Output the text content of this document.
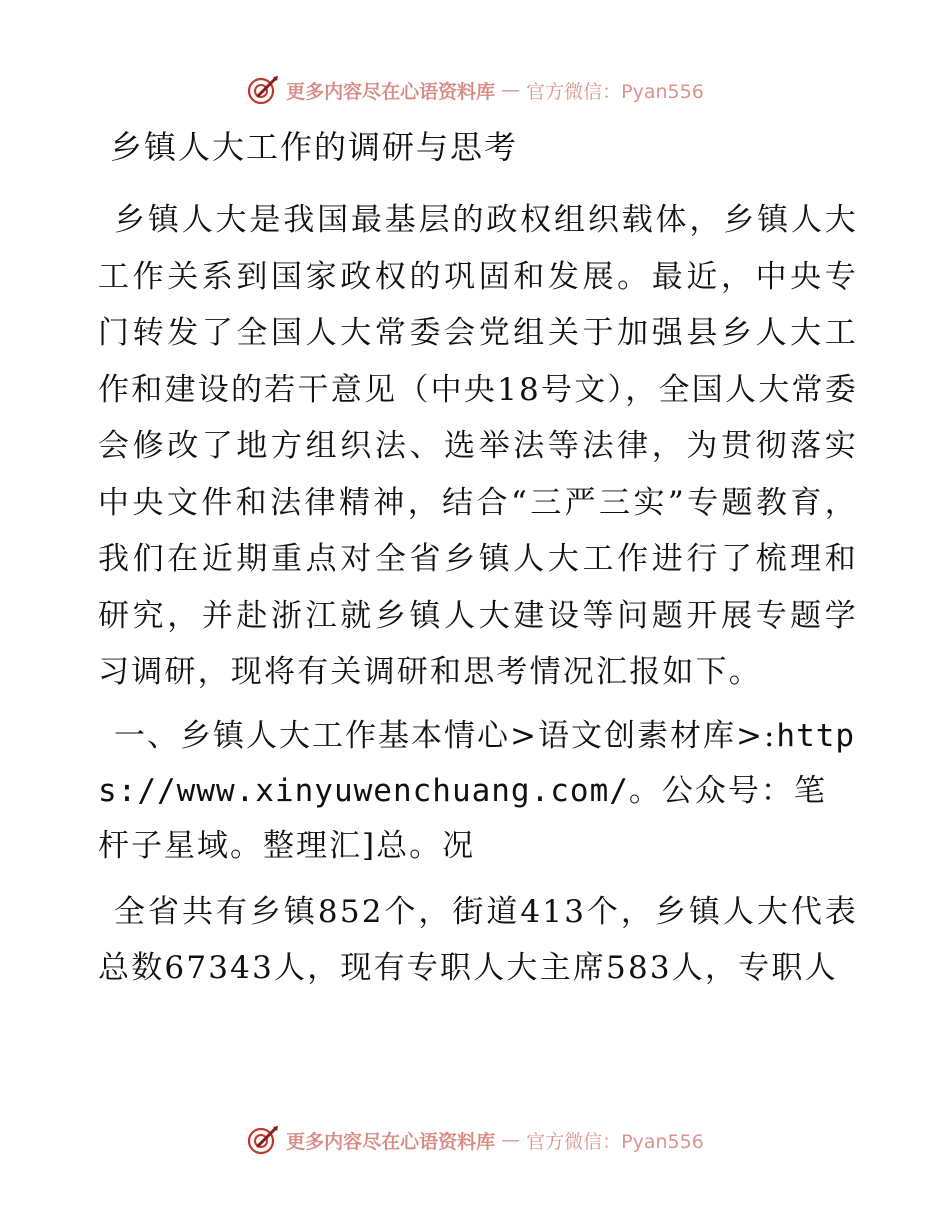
更多内容尽在心语资料库 — 官方微信：Pyan556
乡镇人大工作的调研与思考

乡镇人大是我国最基层的政权组织载体，乡镇人大工作关系到国家政权的巩固和发展。最近，中央专门转发了全国人大常委会党组关于加强县乡人大工作和建设的若干意见（中央18号文），全国人大常委会修改了地方组织法、选举法等法律，为贯彻落实中央文件和法律精神，结合“三严三实”专题教育，我们在近期重点对全省乡镇人大工作进行了梳理和研究，并赴浙江就乡镇人大建设等问题开展专题学习调研，现将有关调研和思考情况汇报如下。

一、乡镇人大工作基本情心>语文创素材库>:https://www.xinyuwenchuang.com/。公众号：笔杆子星域。整理汇]总。况

全省共有乡镇852个，街道413个，乡镇人大代表总数67343人，现有专职人大主席583人，专职人

更多内容尽在心语资料库 — 官方微信：Pyan556
